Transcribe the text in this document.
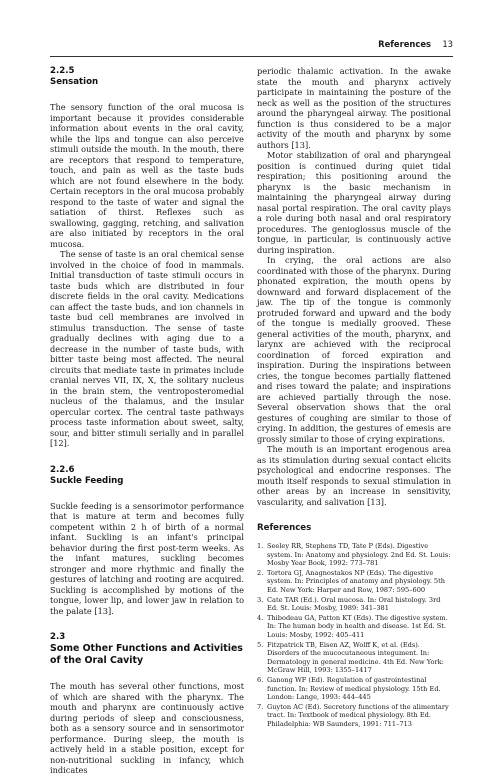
References 13
2.2.5
Sensation

The sensory function of the oral mucosa is important because it provides considerable information about events in the oral cavity, while the lips and tongue can also perceive stimuli outside the mouth. In the mouth, there are receptors that respond to temperature, touch, and pain as well as the taste buds which are not found elsewhere in the body. Certain receptors in the oral mucosa probably respond to the taste of water and signal the satiation of thirst. Reflexes such as swallowing, gagging, retching, and salivation are also initiated by receptors in the oral mucosa.

The sense of taste is an oral chemical sense involved in the choice of food in mammals. Initial transduction of taste stimuli occurs in taste buds which are distributed in four discrete fields in the oral cavity. Medications can affect the taste buds, and ion channels in taste bud cell membranes are involved in stimulus transduction. The sense of taste gradually declines with aging due to a decrease in the number of taste buds, with bitter taste being most affected. The neural circuits that mediate taste in primates include cranial nerves VII, IX, X, the solitary nucleus in the brain stem, the ventroposteromedial nucleus of the thalamus, and the insular opercular cortex. The central taste pathways process taste information about sweet, salty, sour, and bitter stimuli serially and in parallel [12].

2.2.6
Suckle Feeding

Suckle feeding is a sensorimotor performance that is mature at term and becomes fully competent within 2 h of birth of a normal infant. Suckling is an infant's principal behavior during the first post-term weeks. As the infant matures, suckling becomes stronger and more rhythmic and finally the gestures of latching and rooting are acquired. Suckling is accomplished by motions of the tongue, lower lip, and lower jaw in relation to the palate [13].

2.3
Some Other Functions and Activities
of the Oral Cavity

The mouth has several other functions, most of which are shared with the pharynx. The mouth and pharynx are continuously active during periods of sleep and consciousness, both as a sensory source and in sensorimotor performance. During sleep, the mouth is actively held in a stable position, except for non-nutritional suckling in infancy, which indicates

periodic thalamic activation. In the awake state the mouth and pharynx actively participate in maintaining the posture of the neck as well as the position of the structures around the pharyngeal airway. The positional function is thus considered to be a major activity of the mouth and pharynx by some authors [13].

Motor stabilization of oral and pharyngeal position is continued during quiet tidal respiration; this positioning around the pharynx is the basic mechanism in maintaining the pharyngeal airway during nasal portal respiration. The oral cavity plays a role during both nasal and oral respiratory procedures. The genioglossus muscle of the tongue, in particular, is continuously active during inspiration.

In crying, the oral actions are also coordinated with those of the pharynx. During phonated expiration, the mouth opens by downward and forward displacement of the jaw. The tip of the tongue is commonly protruded forward and upward and the body of the tongue is medially grooved. These general activities of the mouth, pharynx, and larynx are achieved with the reciprocal coordination of forced expiration and inspiration. During the inspirations between cries, the tongue becomes partially flattened and rises toward the palate; and inspirations are achieved partially through the nose. Several observation shows that the oral gestures of coughing are similar to those of crying. In addition, the gestures of emesis are grossly similar to those of crying expirations.

The mouth is an important erogenous area as its stimulation during sexual contact elicits psychological and endocrine responses. The mouth itself responds to sexual stimulation in other areas by an increase in sensitivity, vascularity, and salivation [13].

References
1. Seeley RR, Stephens TD, Tate P (Eds). Digestive system. In: Anatomy and physiology. 2nd Ed. St. Louis: Mosby Year Book, 1992: 773–781
2. Tortora GJ, Anagnostakos NP (Eds). The digestive system. In: Principles of anatomy and physiology. 5th Ed. New York: Harper and Row, 1987: 595–600
3. Cate TAR (Ed.). Oral mucosa. In: Oral histology. 3rd Ed. St. Louis: Mosby, 1989: 341–381
4. Thibodeau GA, Patton KT (Eds). The digestive system. In: The human body in health and disease. 1st Ed. St. Louis: Mosby, 1992: 405–411
5. Fitzpatrick TB, Eisen AZ, Wolff K, et al. (Eds). Disorders of the mucocutaneous integument. In: Dermatology in general medicine. 4th Ed. New York: McGraw Hill, 1993: 1355–1417
6. Ganong WF (Ed). Regulation of gastrointestinal function. In: Review of medical physiology. 15th Ed. London: Lange, 1993: 444–445
7. Guyton AC (Ed). Secretory functions of the alimentary tract. In: Textbook of medical physiology. 8th Ed. Philadelphia: WB Saunders, 1991: 711–713
